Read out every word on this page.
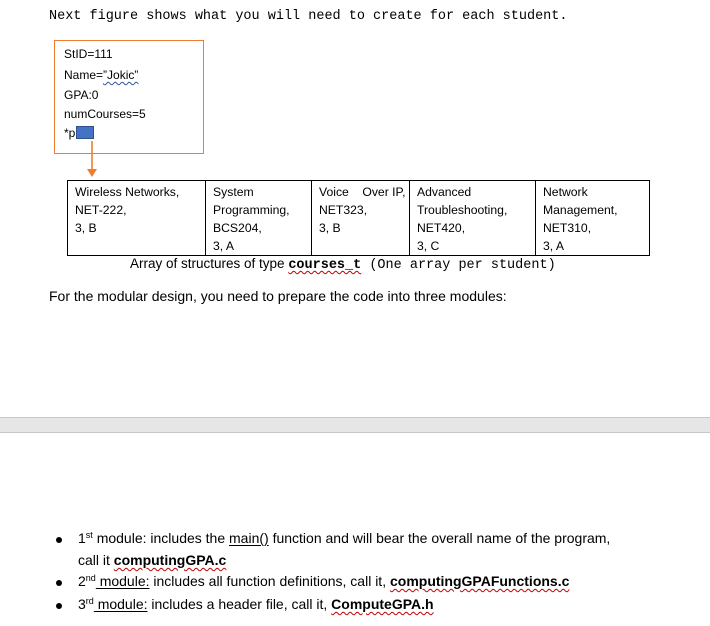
Next figure shows what you will need to create for each student.
StID=111
Name=”Jokic”
GPA:0
numCourses=5
*p
Wireless Networks,
NET-222,
3, B

System Programming,
BCS204,
3, A

Voice    Over IP,
NET323,
3, B

Advanced Troubleshooting,
NET420,
3, C

Network Management,
NET310,
3, A
Array of structures of type courses_t (One array per student)
For the modular design, you need to prepare the code into three modules:
1st module: includes the main() function and will bear the overall name of the program,
call it computingGPA.c
2nd module: includes all function definitions, call it, computingGPAFunctions.c
3rd module: includes a header file, call it, ComputeGPA.h
